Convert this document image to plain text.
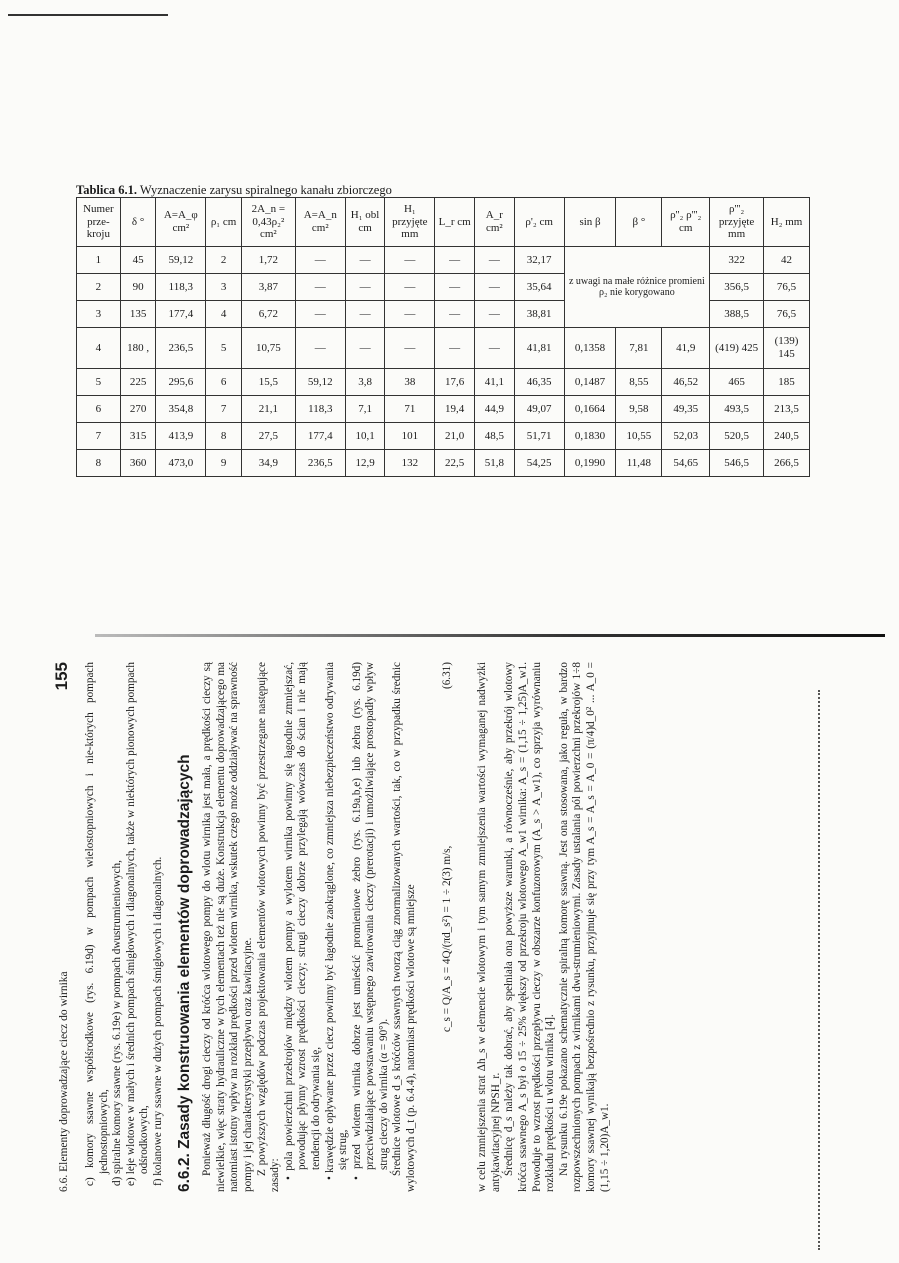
Tablica 6.1. Wyznaczenie zarysu spiralnego kanału zbiorczego
Numer prze-kroju	δ °	A=A_φ cm²	ρ₁ cm	2A_n = 0,43ρ₂² cm²	A=A_n cm²	H₁ obl cm	H₁ przyjęte mm	L_r cm	A_r cm²	ρ'₂ cm	sin β	β °	ρ''₂ ρ'''₂ cm	ρ'''₂ przyjęte mm	H₂ mm
1	45	59,12	2	1,72	—	—	—	—	—	32,17	z uwagi na małe różnice promieni ρ₂ nie korygowano			322	42
2	90	118,3	3	3,87	—	—	—	—	—	35,64				356,5	76,5
3	135	177,4	4	6,72	—	—	—	—	—	38,81				388,5	76,5
4	180 ,	236,5	5	10,75	—	—	—	—	—	41,81	0,1358	7,81	41,9	(419) 425	(139) 145
5	225	295,6	6	15,5	59,12	3,8	38	17,6	41,1	46,35	0,1487	8,55	46,52	465	185
6	270	354,8	7	21,1	118,3	7,1	71	19,4	44,9	49,07	0,1664	9,58	49,35	493,5	213,5
7	315	413,9	8	27,5	177,4	10,1	101	21,0	48,5	51,71	0,1830	10,55	52,03	520,5	240,5
8	360	473,0	9	34,9	236,5	12,9	132	22,5	51,8	54,25	0,1990	11,48	54,65	546,5	266,5
6.6. Elementy doprowadzające ciecz do wirnika
155 c) komory ssawne współśrodkowe (rys. 6.19d) w pompach wielostopniowych i nie-których pompach jednostopniowych, d) spiralne komory ssawne (rys. 6.19e) w pompach dwustrumieniowych, e) leje wlotowe w małych i średnich pompach śmigłowych i diagonalnych, także w niektórych pionowych pompach odśrodkowych, f) kolanowe rury ssawne w dużych pompach śmigłowych i diagonalnych. 6.6.2. Zasady konstruowania elementów doprowadzających Ponieważ długość drogi cieczy od króćca wlotowego pompy do wlotu wirnika jest mała, a prędkości cieczy są niewielkie, więc straty hydrauliczne w tych elementach też nie są duże. Konstrukcja elementu doprowadzającego ma natomiast istotny wpływ na rozkład prędkości przed wlotem wirnika, wskutek czego może oddziaływać na sprawność pompy i jej charakterystyki przepływu oraz kawitacyjne. Z powyższych względów podczas projektowania elementów wlotowych powinny być przestrzegane następujące zasady: • pola powierzchni przekrojów między wlotem pompy a wylotem wirnika powinny się łagodnie zmniejszać, powodując płynny wzrost prędkości cieczy; strugi cieczy dobrze przylegają wówczas do ścian i nie mają tendencji do odrywania się, • krawędzie opływane przez ciecz powinny być łagodnie zaokrąglone, co zmniejsza niebezpieczeństwo odrywania się strug, • przed wlotem wirnika dobrze jest umieścić promieniowe żebro (rys. 6.19a,b,e) lub żebra (rys. 6.19d) przeciwdziałające powstawaniu wstępnego zawirowania cieczy (prerotacji) i umożliwiające prostopadły wpływ strug cieczy do wirnika (α = 90°). Średnice wlotowe d_s króćców ssawnych tworzą ciąg znormalizowanych wartości, tak, co w przypadku średnic wylotowych d_t (p. 6.4.4), natomiast prędkości wlotowe są mniejsze c_s = Q/A_s = 4Q/(πd_s²) = 1 ÷ 2(3) m/s,
(6.31) w celu zmniejszenia strat Δh_s w elemencie wlotowym i tym samym zmniejszenia wartości wymaganej nadwyżki antykawitacyjnej NPSH_r. Średnicę d_s należy tak dobrać, aby spełniała ona powyższe warunki, a równocześnie, aby przekrój wlotowy króćca ssawnego A_s był o 15 ÷ 25% większy od przekroju wlotowego A_w1 wirnika: A_s = (1,15 ÷ 1,25)A_w1. Powoduje to wzrost prędkości przepływu cieczy w obszarze konfuzorowym (A_s > A_w1), co sprzyja wyrównaniu rozkładu prędkości u wlotu wirnika [4]. Na rysunku 6.19e pokazano schematycznie spiralną komorę ssawną. Jest ona stosowana, jako reguła, w bardzo rozpowszechnionych pompach z wirnikami dwu-strumieniowymi. Zasady ustalania pól powierzchni przekrojów 1÷8 komory ssawnej wynikają bezpośrednio z rysunku, przyjmuje się przy tym A_s = A_s = A_0 = (π/4)d_0² ... A_0 = (1,15 ÷ 1,20)A_w1.
